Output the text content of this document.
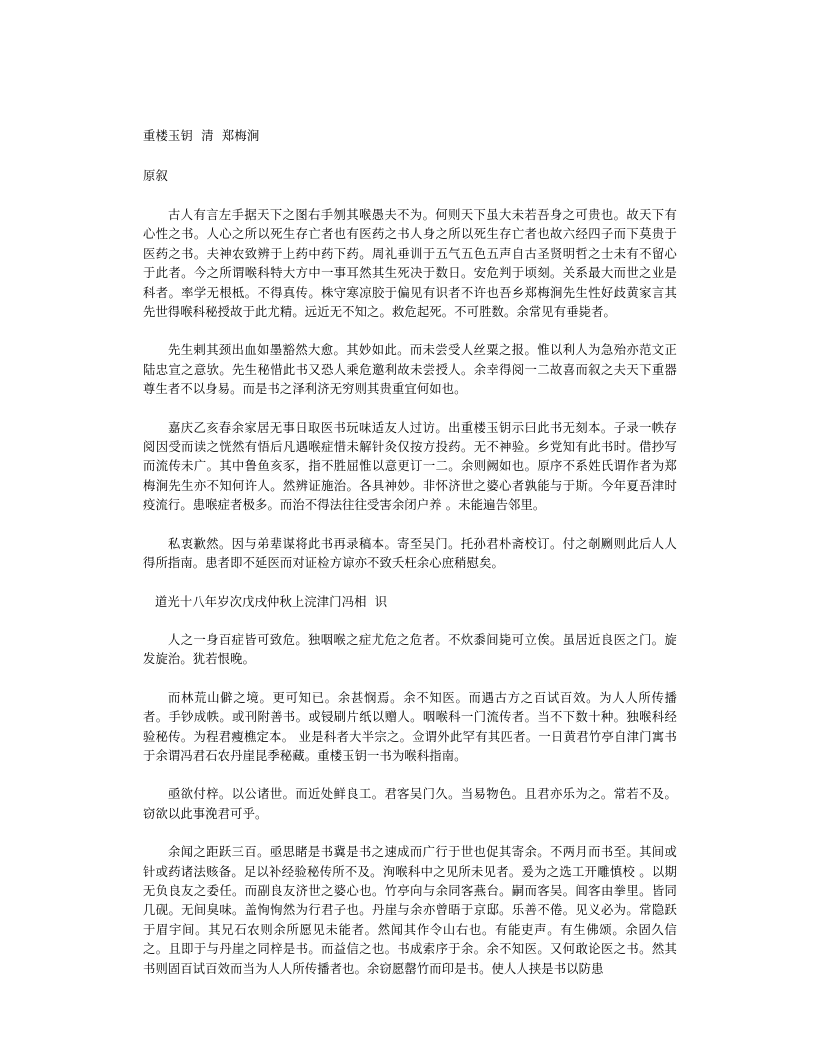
重楼玉钥  清  郑梅涧
原叙

古人有言左手据天下之图右手刎其喉愚夫不为。何则天下虽大未若吾身之可贵也。故天下有心性之书。人心之所以死生存亡者也有医药之书人身之所以死生存亡者也故六经四子而下莫贵于医药之书。夫神农致辨于上药中药下药。周礼垂训于五气五色五声自古圣贤明哲之士未有不留心于此者。今之所谓喉科特大方中一事耳然其生死决于数日。安危判于顷刻。关系最大而世之业是科者。率学无根柢。不得真传。株守寒凉胶于偏见有识者不许也吾乡郑梅涧先生性好歧黄家言其先世得喉科秘授故于此尤精。远近无不知之。救危起死。不可胜数。余常见有垂毙者。

先生剌其颈出血如墨豁然大愈。其妙如此。而未尝受人丝粟之报。惟以利人为急殆亦范文正陆忠宣之意欤。先生秘惜此书又恐人乘危邀利故未尝授人。余幸得阅一二故喜而叙之夫天下重器尊生者不以身易。而是书之泽利济无穷则其贵重宜何如也。

嘉庆乙亥春余家居无事日取医书玩味适友人过访。出重楼玉钥示曰此书无刻本。子录一帙存阅因受而读之恍然有悟后凡遇喉症惜未解针灸仅按方投药。无不神验。乡党知有此书时。借抄写而流传未广。其中鲁鱼亥豕，指不胜屈惟以意更订一二。余则阙如也。原序不系姓氏谓作者为郑梅涧先生亦不知何许人。然辨证施治。各具神妙。非怀济世之婆心者孰能与于斯。今年夏吾津时疫流行。患喉症者极多。而治不得法往往受害余闭户养 。未能遍告邻里。

私衷歉然。因与弟辈谋将此书再录稿本。寄至吴门。托孙君朴斋校订。付之剞劂则此后人人得所指南。患者即不延医而对证检方谅亦不致夭枉余心庶稍慰矣。

道光十八年岁次戊戌仲秋上浣津门冯相  识

人之一身百症皆可致危。独咽喉之症尤危之危者。不炊黍间毙可立俟。虽居近良医之门。旋发旋治。犹若恨晚。

而林荒山僻之境。更可知已。余甚悯焉。余不知医。而遇古方之百试百效。为人人所传播者。手钞成帙。或刊附善书。或锓刷片纸以赠人。咽喉科一门流传者。当不下数十种。独喉科经验秘传。为程君瘦樵定本。 业是科者大半宗之。佥谓外此罕有其匹者。一日黄君竹亭自津门寓书于余谓冯君石农丹崖昆季秘藏。重楼玉钥一书为喉科指南。

亟欲付梓。以公诸世。而近处鲜良工。君客吴门久。当易物色。且君亦乐为之。常若不及。窃欲以此事浼君可乎。

余闻之距跃三百。亟思睹是书冀是书之速成而广行于世也促其寄余。不两月而书至。其间或针或药诸法赅备。足以补经验秘传所不及。洵喉科中之见所未见者。爰为之选工开雕慎校 。以期无负良友之委任。而副良友济世之婆心也。竹亭向与余同客燕台。嗣而客吴。闾客由拳里。皆同几砚。无间臭味。盖恂恂然为行君子也。丹崖与余亦曾晤于京邸。乐善不倦。见义必为。常隐跃于眉宇间。其兄石农则余所愿见未能者。然闻其作令山右也。有能吏声。有生佛颂。余固久信之。且即于与丹崖之同梓是书。而益信之也。书成索序于余。余不知医。又何敢论医之书。然其书则固百试百效而当为人人所传播者也。余窃愿罄竹而印是书。使人人挟是书以防患
